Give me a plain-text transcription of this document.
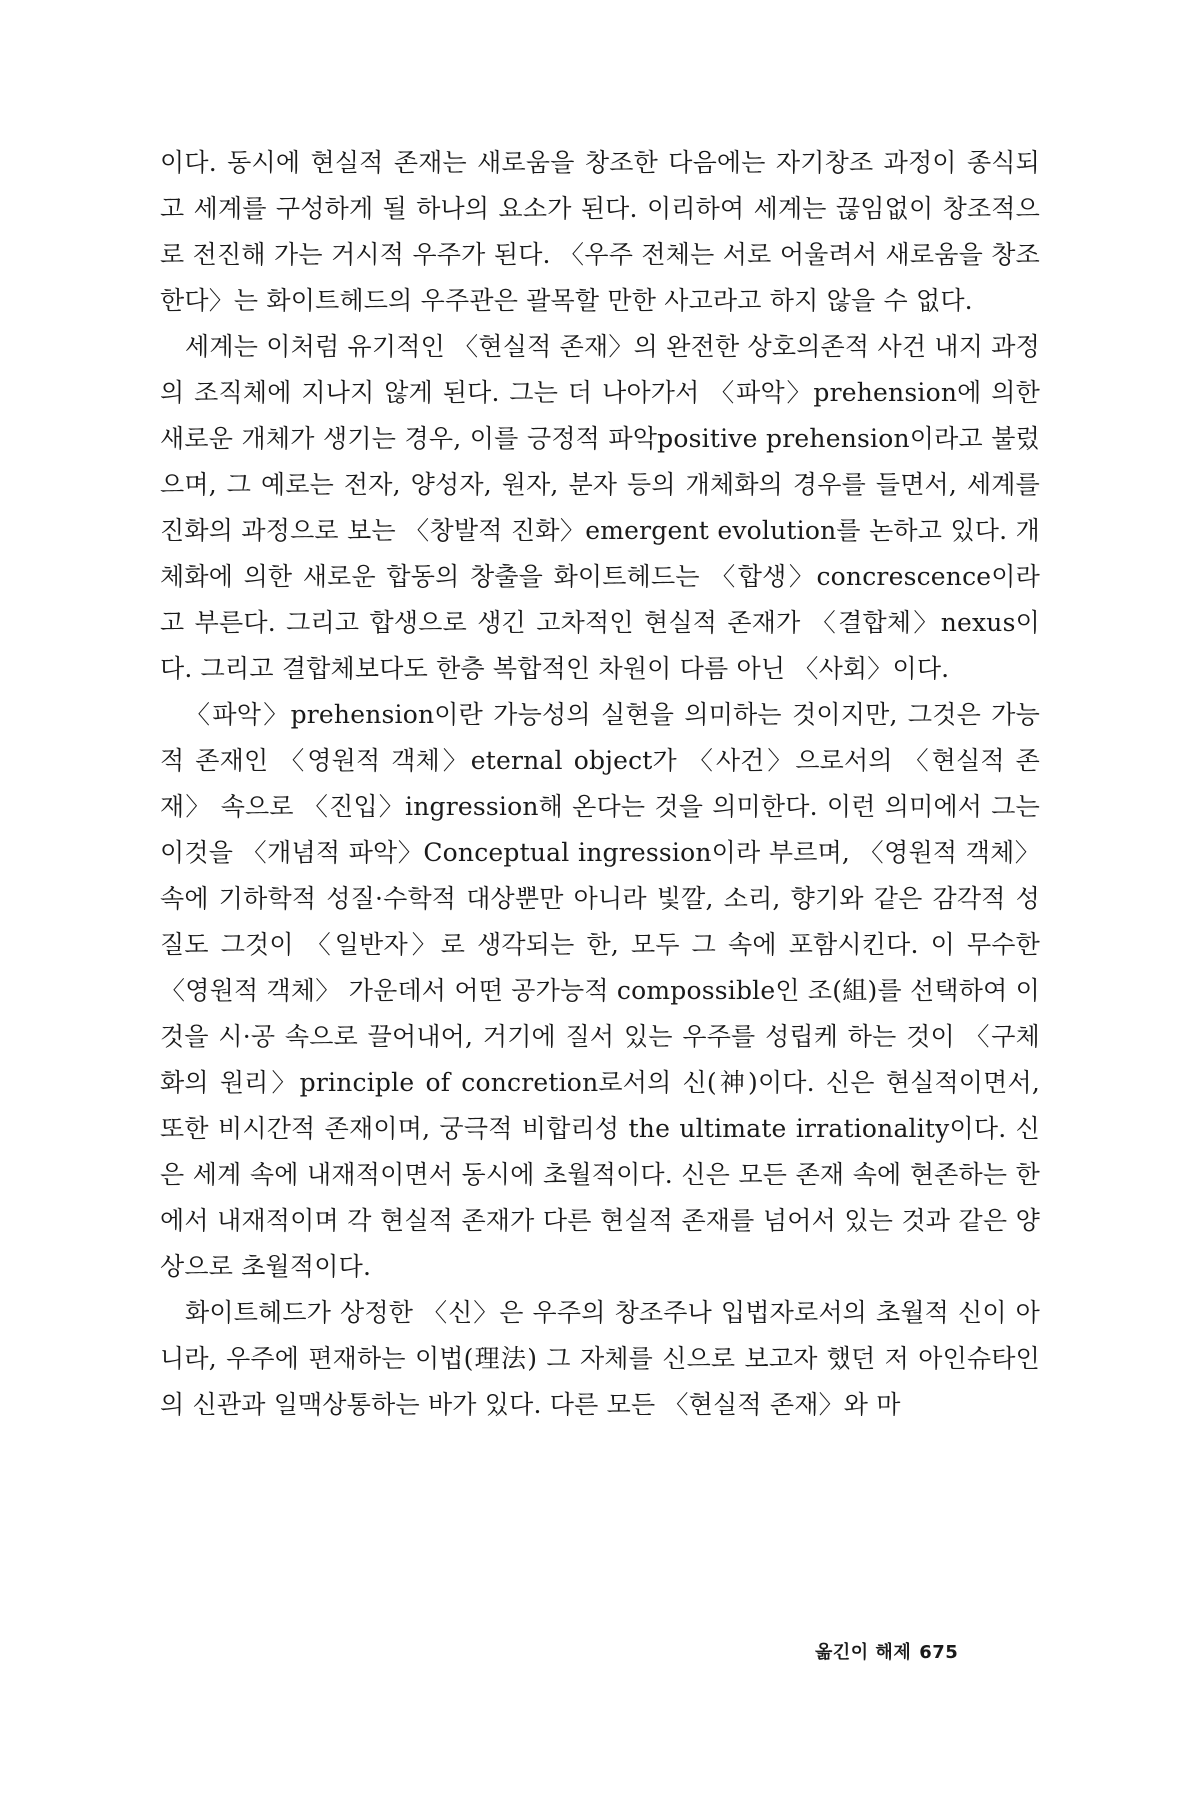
이다. 동시에 현실적 존재는 새로움을 창조한 다음에는 자기창조 과정이 종식되고 세계를 구성하게 될 하나의 요소가 된다. 이리하여 세계는 끊임없이 창조적으로 전진해 가는 거시적 우주가 된다. 〈우주 전체는 서로 어울려서 새로움을 창조한다〉는 화이트헤드의 우주관은 괄목할 만한 사고라고 하지 않을 수 없다.

세계는 이처럼 유기적인 〈현실적 존재〉의 완전한 상호의존적 사건 내지 과정의 조직체에 지나지 않게 된다. 그는 더 나아가서 〈파악〉prehension에 의한 새로운 개체가 생기는 경우, 이를 긍정적 파악positive prehension이라고 불렀으며, 그 예로는 전자, 양성자, 원자, 분자 등의 개체화의 경우를 들면서, 세계를 진화의 과정으로 보는 〈창발적 진화〉emergent evolution를 논하고 있다. 개체화에 의한 새로운 합동의 창출을 화이트헤드는 〈합생〉concrescence이라고 부른다. 그리고 합생으로 생긴 고차적인 현실적 존재가 〈결합체〉nexus이다. 그리고 결합체보다도 한층 복합적인 차원이 다름 아닌 〈사회〉이다.

〈파악〉prehension이란 가능성의 실현을 의미하는 것이지만, 그것은 가능적 존재인 〈영원적 객체〉eternal object가 〈사건〉으로서의 〈현실적 존재〉 속으로 〈진입〉ingression해 온다는 것을 의미한다. 이런 의미에서 그는 이것을 〈개념적 파악〉Conceptual ingression이라 부르며, 〈영원적 객체〉 속에 기하학적 성질·수학적 대상뿐만 아니라 빛깔, 소리, 향기와 같은 감각적 성질도 그것이 〈일반자〉로 생각되는 한, 모두 그 속에 포함시킨다. 이 무수한 〈영원적 객체〉 가운데서 어떤 공가능적 compossible인 조(組)를 선택하여 이것을 시·공 속으로 끌어내어, 거기에 질서 있는 우주를 성립케 하는 것이 〈구체화의 원리〉principle of concretion로서의 신(神)이다. 신은 현실적이면서, 또한 비시간적 존재이며, 궁극적 비합리성 the ultimate irrationality이다. 신은 세계 속에 내재적이면서 동시에 초월적이다. 신은 모든 존재 속에 현존하는 한에서 내재적이며 각 현실적 존재가 다른 현실적 존재를 넘어서 있는 것과 같은 양상으로 초월적이다.

화이트헤드가 상정한 〈신〉은 우주의 창조주나 입법자로서의 초월적 신이 아니라, 우주에 편재하는 이법(理法) 그 자체를 신으로 보고자 했던 저 아인슈타인의 신관과 일맥상통하는 바가 있다. 다른 모든 〈현실적 존재〉와 마

옮긴이 해제 675
